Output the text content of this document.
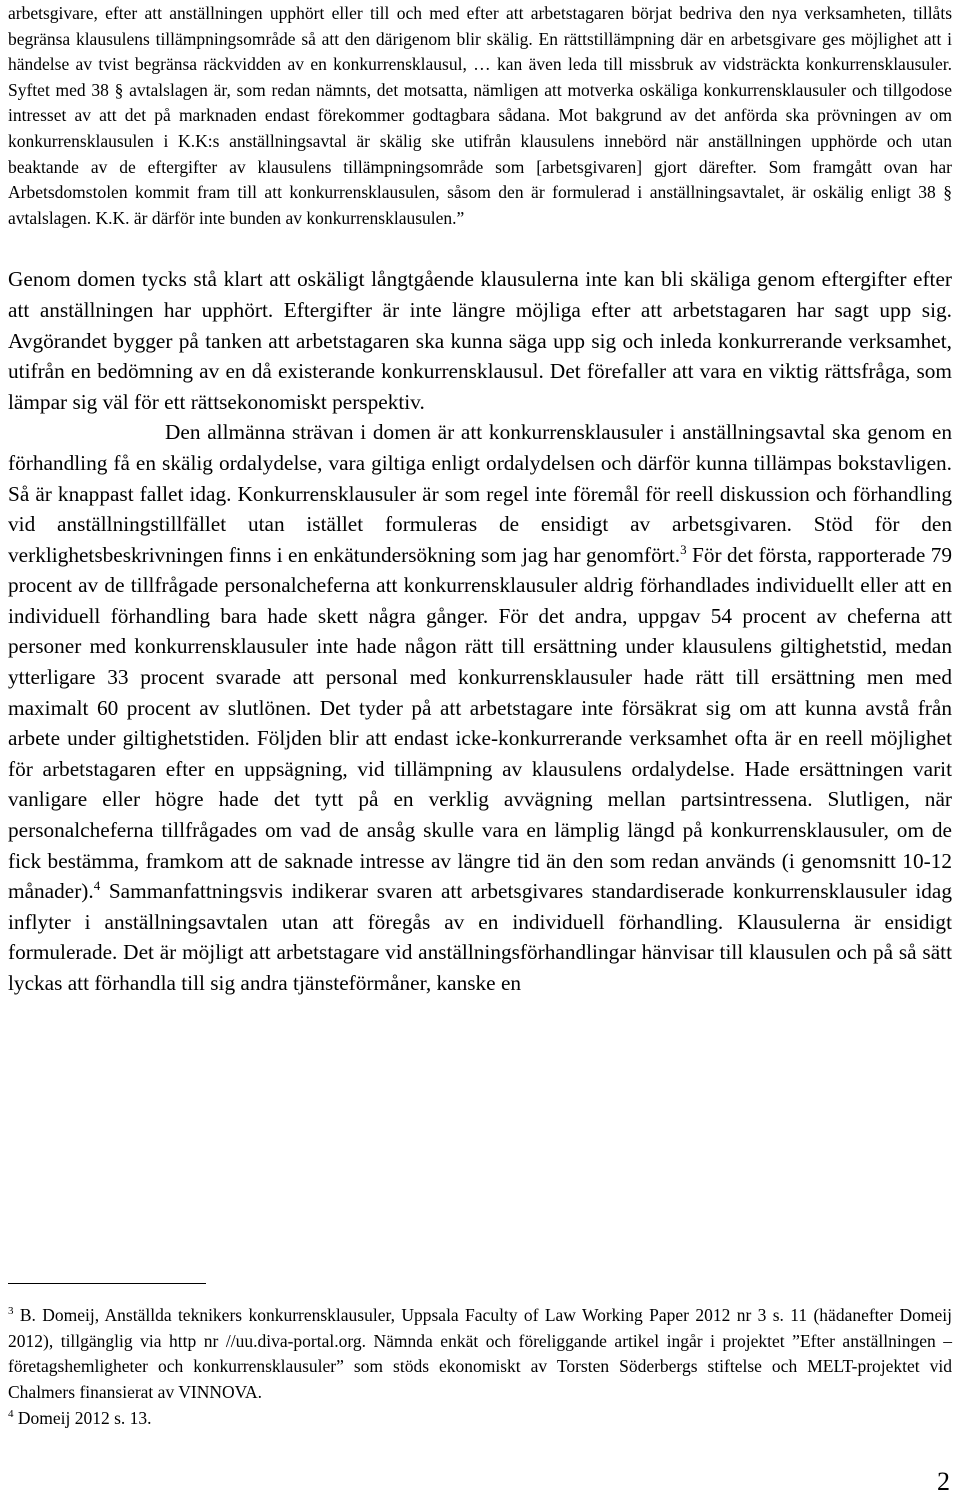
arbetsgivare, efter att anställningen upphört eller till och med efter att arbetstagaren börjat bedriva den nya verksamheten, tillåts begränsa klausulens tillämpningsområde så att den därigenom blir skälig. En rättstillämpning där en arbetsgivare ges möjlighet att i händelse av tvist begränsa räckvidden av en konkurrensklausul, … kan även leda till missbruk av vidsträckta konkurrensklausuler. Syftet med 38 § avtalslagen är, som redan nämnts, det motsatta, nämligen att motverka oskäliga konkurrensklausuler och tillgodose intresset av att det på marknaden endast förekommer godtagbara sådana. Mot bakgrund av det anförda ska prövningen av om konkurrensklausulen i K.K:s anställningsavtal är skälig ske utifrån klausulens innebörd när anställningen upphörde och utan beaktande av de eftergifter av klausulens tillämpningsområde som [arbetsgivaren] gjort därefter. Som framgått ovan har Arbetsdomstolen kommit fram till att konkurrensklausulen, såsom den är formulerad i anställningsavtalet, är oskälig enligt 38 § avtalslagen. K.K. är därför inte bunden av konkurrensklausulen.”

Genom domen tycks stå klart att oskäligt långtgående klausulerna inte kan bli skäliga genom eftergifter efter att anställningen har upphört. Eftergifter är inte längre möjliga efter att arbetstagaren har sagt upp sig. Avgörandet bygger på tanken att arbetstagaren ska kunna säga upp sig och inleda konkurrerande verksamhet, utifrån en bedömning av en då existerande konkurrensklausul. Det förefaller att vara en viktig rättsfråga, som lämpar sig väl för ett rättsekonomiskt perspektiv.

Den allmänna strävan i domen är att konkurrensklausuler i anställningsavtal ska genom en förhandling få en skälig ordalydelse, vara giltiga enligt ordalydelsen och därför kunna tillämpas bokstavligen. Så är knappast fallet idag. Konkurrensklausuler är som regel inte föremål för reell diskussion och förhandling vid anställningstillfället utan istället formuleras de ensidigt av arbetsgivaren. Stöd för den verklighetsbeskrivningen finns i en enkätundersökning som jag har genomfört.$^3$ För det första, rapporterade 79 procent av de tillfrågade personalcheferna att konkurrensklausuler aldrig förhandlades individuellt eller att en individuell förhandling bara hade skett några gånger. För det andra, uppgav 54 procent av cheferna att personer med konkurrensklausuler inte hade någon rätt till ersättning under klausulens giltighetstid, medan ytterligare 33 procent svarade att personal med konkurrensklausuler hade rätt till ersättning men med maximalt 60 procent av slutlönen. Det tyder på att arbetstagare inte försäkrat sig om att kunna avstå från arbete under giltighetstiden. Följden blir att endast icke-konkurrerande verksamhet ofta är en reell möjlighet för arbetstagaren efter en uppsägning, vid tillämpning av klausulens ordalydelse. Hade ersättningen varit vanligare eller högre hade det tytt på en verklig avvägning mellan partsintressena. Slutligen, när personalcheferna tillfrågades om vad de ansåg skulle vara en lämplig längd på konkurrensklausuler, om de fick bestämma, framkom att de saknade intresse av längre tid än den som redan används (i genomsnitt 10-12 månader).$^4$ Sammanfattningsvis indikerar svaren att arbetsgivares standardiserade konkurrensklausuler idag inflyter i anställningsavtalen utan att föregås av en individuell förhandling. Klausulerna är ensidigt formulerade. Det är möjligt att arbetstagare vid anställningsförhandlingar hänvisar till klausulen och på så sätt lyckas att förhandla till sig andra tjänsteförmåner, kanske en

$^3$ B. Domeij, Anställda teknikers konkurrensklausuler, Uppsala Faculty of Law Working Paper 2012 nr 3 s. 11 (hädanefter Domeij 2012), tillgänglig via http nr //uu.diva-portal.org. Nämnda enkät och föreliggande artikel ingår i projektet ”Efter anställningen – företagshemligheter och konkurrensklausuler” som stöds ekonomiskt av Torsten Söderbergs stiftelse och MELT-projektet vid Chalmers finansierat av VINNOVA.
$^4$ Domeij 2012 s. 13.
2
